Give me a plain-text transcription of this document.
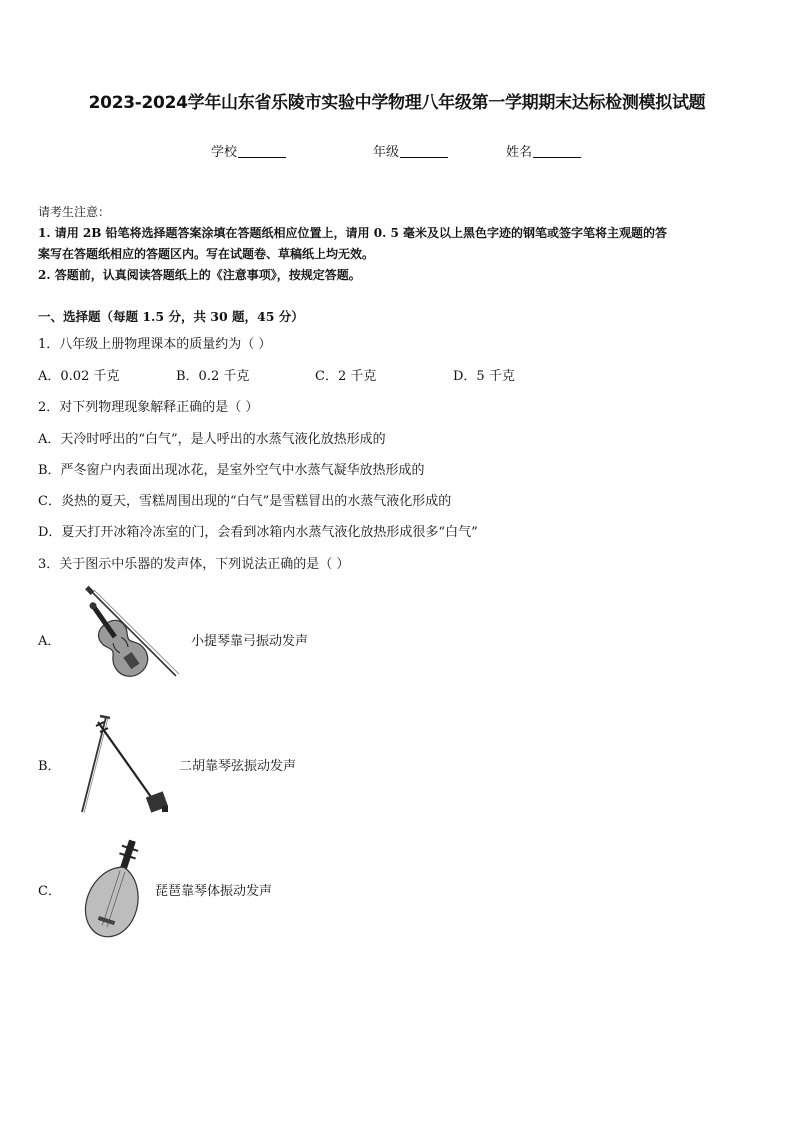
2023-2024学年山东省乐陵市实验中学物理八年级第一学期期末达标检测模拟试题
学校	年级	姓名
请考生注意：
1. 请用 2B 铅笔将选择题答案涂填在答题纸相应位置上，请用 0. 5 毫米及以上黑色字迹的钢笔或签字笔将主观题的答
案写在答题纸相应的答题区内。写在试题卷、草稿纸上均无效。
2. 答题前，认真阅读答题纸上的《注意事项》，按规定答题。
一、选择题（每题 1.5 分，共 30 题，45 分）
1．八年级上册物理课本的质量约为（ ）
A．0.02 千克	B．0.2 千克	C．2 千克	D．5 千克
2．对下列物理现象解释正确的是（ ）
A．天冷时呼出的“白气”，是人呼出的水蒸气液化放热形成的
B．严冬窗户内表面出现冰花，是室外空气中水蒸气凝华放热形成的
C．炎热的夏天，雪糕周围出现的“白气”是雪糕冒出的水蒸气液化形成的
D．夏天打开冰箱冷冻室的门，会看到冰箱内水蒸气液化放热形成很多“白气”
3．关于图示中乐器的发声体，下列说法正确的是（ ）
A．	小提琴靠弓振动发声
B．	二胡靠琴弦振动发声
C．	琵琶靠琴体振动发声
